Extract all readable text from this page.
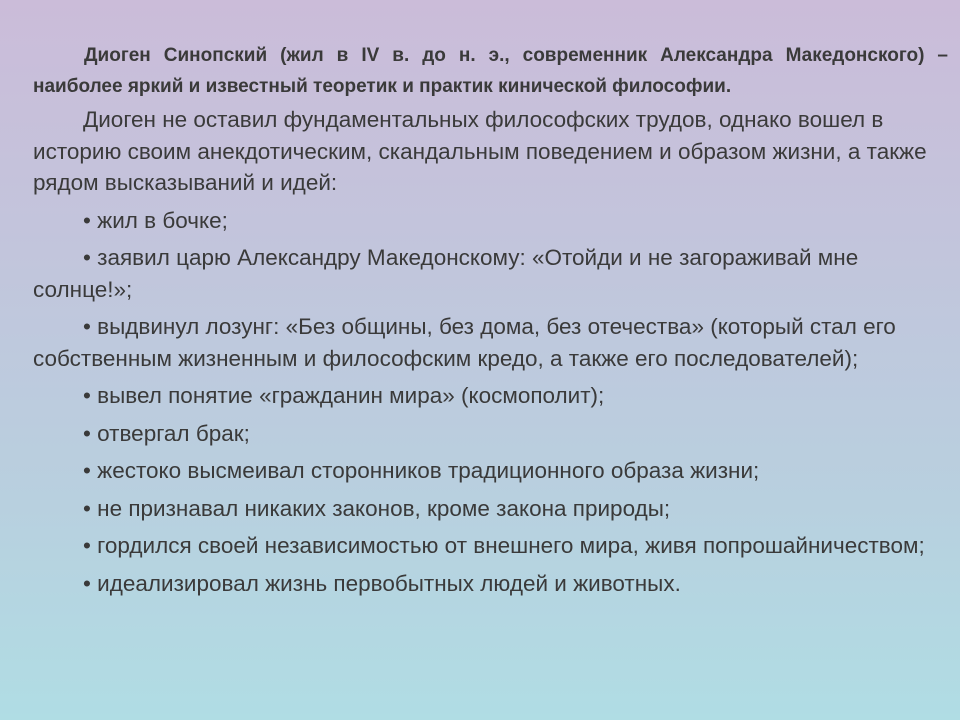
Диоген Синопский (жил в IV в. до н. э., современник Александра Македонского) – наиболее яркий и известный теоретик и практик кинической философии.

Диоген не оставил фундаментальных философских трудов, однако вошел в историю своим анекдотическим, скандальным поведением и образом жизни, а также рядом высказываний и идей:

• жил в бочке;

• заявил царю Александру Македонскому: «Отойди и не загораживай мне солнце!»;

• выдвинул лозунг: «Без общины, без дома, без отечества» (который стал его собственным жизненным и философским кредо, а также его последователей);

• вывел понятие «гражданин мира» (космополит);

• отвергал брак;

• жестоко высмеивал сторонников традиционного образа жизни;

• не признавал никаких законов, кроме закона природы;

• гордился своей независимостью от внешнего мира, живя попрошайничеством;

• идеализировал жизнь первобытных людей и животных.
